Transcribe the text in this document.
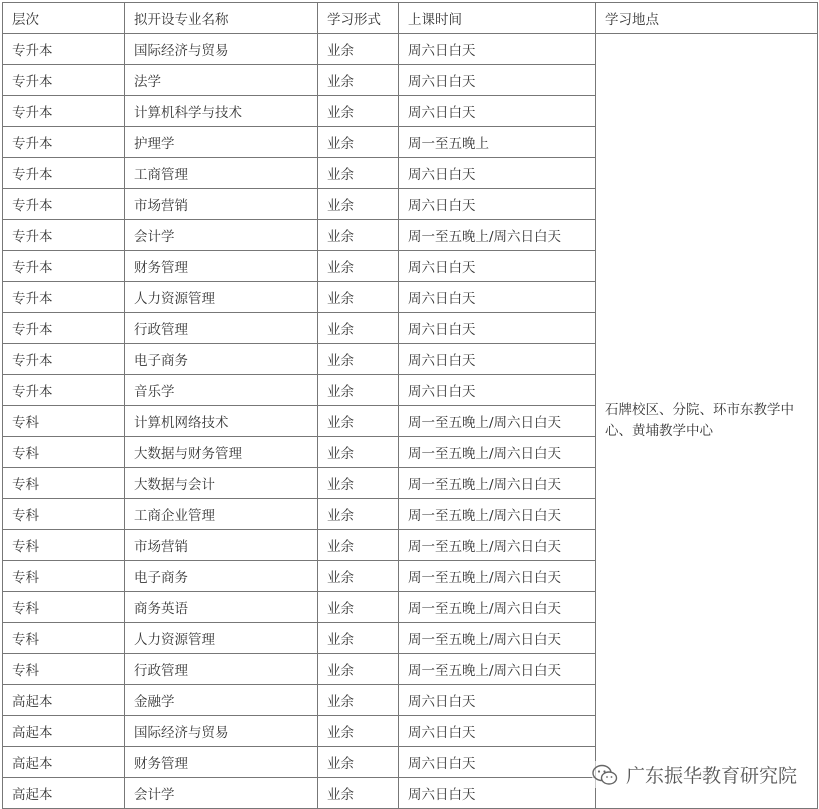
层次	拟开设专业名称	学习形式	上课时间	学习地点
专升本	国际经济与贸易	业余	周六日白天	石牌校区、分院、环市东教学中心、黄埔教学中心
专升本	法学	业余	周六日白天	
专升本	计算机科学与技术	业余	周六日白天	
专升本	护理学	业余	周一至五晚上	
专升本	工商管理	业余	周六日白天	
专升本	市场营销	业余	周六日白天	
专升本	会计学	业余	周一至五晚上/周六日白天	
专升本	财务管理	业余	周六日白天	
专升本	人力资源管理	业余	周六日白天	
专升本	行政管理	业余	周六日白天	
专升本	电子商务	业余	周六日白天	
专升本	音乐学	业余	周六日白天	
专科	计算机网络技术	业余	周一至五晚上/周六日白天	
专科	大数据与财务管理	业余	周一至五晚上/周六日白天	
专科	大数据与会计	业余	周一至五晚上/周六日白天	
专科	工商企业管理	业余	周一至五晚上/周六日白天	
专科	市场营销	业余	周一至五晚上/周六日白天	
专科	电子商务	业余	周一至五晚上/周六日白天	
专科	商务英语	业余	周一至五晚上/周六日白天	
专科	人力资源管理	业余	周一至五晚上/周六日白天	
专科	行政管理	业余	周一至五晚上/周六日白天	
高起本	金融学	业余	周六日白天	
高起本	国际经济与贸易	业余	周六日白天	
高起本	财务管理	业余	周六日白天	
高起本	会计学	业余	周六日白天	
广东振华教育研究院
